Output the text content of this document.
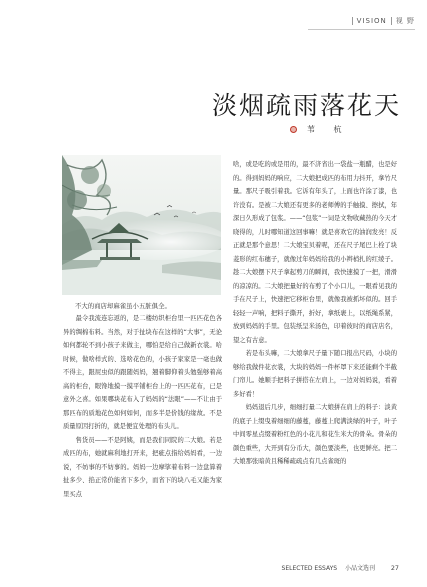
VISION 视 野
淡烟疏雨落花天
苇 杭
不大的商店却麻雀虽小五脏俱全。

最令我流连忘返的，是二楼纺织柜台里一匹匹花色各异的绸棉布料。当然，对于扯块布在这样的“大事”，无论如何都轮不到小孩子来做主，哪怕是给自己做新衣裳。哈时候，做啥样式的、选啥花色的，小孩子家家是一毫也做不得主，跟屁虫似的跟随妈妈，翘着脚仰着头勉强够着高高的柜台，眼馋地摸一摸平铺柜台上的一匹匹花布，已是意外之喜。如果哪块花布入了妈妈的“法眼”——不让由于那匹布的质地花色如何如何，而多半是价钱的缘故。不是质量原因打折的，就是便宜处理的布头儿。

售货员——不是阿姨，而是我们同院的二大娘。若是成匹的布，她就麻利地打开来，把疵点指给妈妈看，一边说，不妨事的不妨事的。妈妈一边摩挲着布料一边盘算着扯多少、掐正常价能省下多少，而省下的块八毛又能为家里买点

啥，或是吃的或是用的，最不济省出一袋盐一瓶醋，也是好的。得到妈妈的响应，二大娘把成匹的布用力抖开，拿竹尺量。那尺子吸引着我。它诉有年头了，上面也许涂了漆，也许没有。是被二大娘还有更多的老师傅的手触摸、擦拭，年深日久形成了包浆。——“包浆”一词是文物收藏热的今天才晓得的，儿时哪知道这回事嘛！就是喜欢它的油润发亮！反正就是那个意思！二大娘宝贝着呢，还在尺子尾巴上栓了块菱形的红布穗子，就像过年妈妈给我的小辫梢扎的红绫子。趁二大娘摆下尺子拿起剪刀的瞬间，我快速摸了一把，滑滑的凉凉的。二大娘把量好的布剪了个小口儿，一眼看见我的手在尺子上，快速把它移柜台里，就像我被抓坏似的。回手轻轻一声响，把料子撕开，折好，拿纸裹上，以纸绳系紧，放到妈妈的手里。包装纸呈米汤色，印着彼时的商店店名，望之有古意。

若是布头嘛，二大娘拿尺子量下随口报出尺码，小块的够给我做件花衣裳，大块的妈妈一件杯罩下来还能剩个半截门帘儿。她顺手把料子拼搭在左肩上，一边对妈妈说，看着多好看！

妈妈退后几步，细细打量二大娘拼在肩上的料子：淡黄的底子上缀曳着细细的藤蔓，藤蔓上爬满淡绿的叶子，叶子中间零星点缀着粉红色的小花儿和花生米大的骨朵。骨朵的颜色重些，大开到有分币大，颜色要淡些，也更鲜亮。把二大娘那张暗黄且稀稀疏疏点有几点雀斑的

SELECTED ESSAYS 小品文选刊 27
